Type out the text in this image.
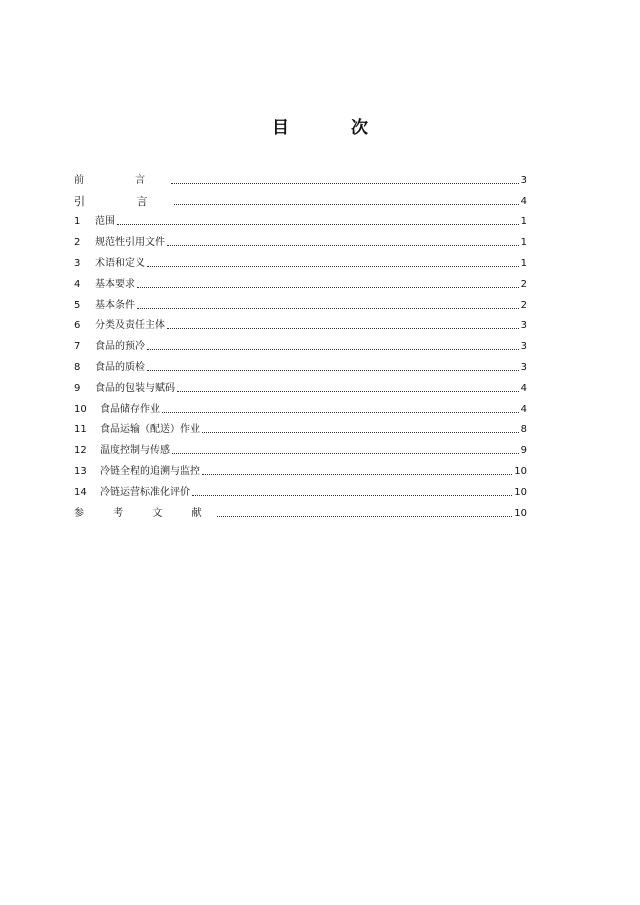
目 次
前 言	3
引 言	4
1	范围	1
2	规范性引用文件	1
3	术语和定义	1
4	基本要求	2
5	基本条件	2
6	分类及责任主体	3
7	食品的预冷	3
8	食品的质检	3
9	食品的包装与赋码	4
10	食品储存作业	4
11	食品运输（配送）作业	8
12	温度控制与传感	9
13	冷链全程的追溯与监控	10
14	冷链运营标准化评价	10
参 考 文 献	10
